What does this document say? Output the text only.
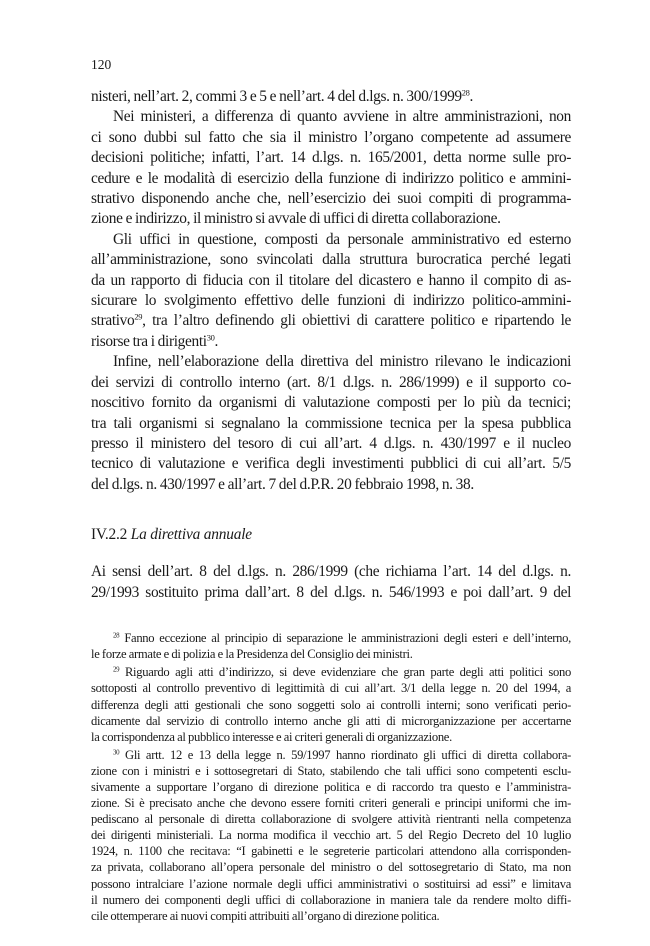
120
nisteri, nell’art. 2, commi 3 e 5 e nell’art. 4 del d.lgs. n. 300/1999$^{28}$.
Nei ministeri, a differenza di quanto avviene in altre amministrazioni, non
ci sono dubbi sul fatto che sia il ministro l’organo competente ad assumere
decisioni politiche; infatti, l’art. 14 d.lgs. n. 165/2001, detta norme sulle pro-
cedure e le modalità di esercizio della funzione di indirizzo politico e ammini-
strativo disponendo anche che, nell’esercizio dei suoi compiti di programma-
zione e indirizzo, il ministro si avvale di uffici di diretta collaborazione.
Gli uffici in questione, composti da personale amministrativo ed esterno
all’amministrazione, sono svincolati dalla struttura burocratica perché legati
da un rapporto di fiducia con il titolare del dicastero e hanno il compito di as-
sicurare lo svolgimento effettivo delle funzioni di indirizzo politico-ammini-
strativo$^{29}$, tra l’altro definendo gli obiettivi di carattere politico e ripartendo le
risorse tra i dirigenti$^{30}$.
Infine, nell’elaborazione della direttiva del ministro rilevano le indicazioni
dei servizi di controllo interno (art. 8/1 d.lgs. n. 286/1999) e il supporto co-
noscitivo fornito da organismi di valutazione composti per lo più da tecnici;
tra tali organismi si segnalano la commissione tecnica per la spesa pubblica
presso il ministero del tesoro di cui all’art. 4 d.lgs. n. 430/1997 e il nucleo
tecnico di valutazione e verifica degli investimenti pubblici di cui all’art. 5/5
del d.lgs. n. 430/1997 e all’art. 7 del d.P.R. 20 febbraio 1998, n. 38.
IV.2.2 La direttiva annuale
Ai sensi dell’art. 8 del d.lgs. n. 286/1999 (che richiama l’art. 14 del d.lgs. n.
29/1993 sostituito prima dall’art. 8 del d.lgs. n. 546/1993 e poi dall’art. 9 del
$^{28}$ Fanno eccezione al principio di separazione le amministrazioni degli esteri e dell’interno,
le forze armate e di polizia e la Presidenza del Consiglio dei ministri.
$^{29}$ Riguardo agli atti d’indirizzo, si deve evidenziare che gran parte degli atti politici sono
sottoposti al controllo preventivo di legittimità di cui all’art. 3/1 della legge n. 20 del 1994, a
differenza degli atti gestionali che sono soggetti solo ai controlli interni; sono verificati perio-
dicamente dal servizio di controllo interno anche gli atti di microrganizzazione per accertarne
la corrispondenza al pubblico interesse e ai criteri generali di organizzazione.
$^{30}$ Gli artt. 12 e 13 della legge n. 59/1997 hanno riordinato gli uffici di diretta collabora-
zione con i ministri e i sottosegretari di Stato, stabilendo che tali uffici sono competenti esclu-
sivamente a supportare l’organo di direzione politica e di raccordo tra questo e l’amministra-
zione. Si è precisato anche che devono essere forniti criteri generali e principi uniformi che im-
pediscano al personale di diretta collaborazione di svolgere attività rientranti nella competenza
dei dirigenti ministeriali. La norma modifica il vecchio art. 5 del Regio Decreto del 10 luglio
1924, n. 1100 che recitava: “I gabinetti e le segreterie particolari attendono alla corrisponden-
za privata, collaborano all’opera personale del ministro o del sottosegretario di Stato, ma non
possono intralciare l’azione normale degli uffici amministrativi o sostituirsi ad essi” e limitava
il numero dei componenti degli uffici di collaborazione in maniera tale da rendere molto diffi-
cile ottemperare ai nuovi compiti attribuiti all’organo di direzione politica.
